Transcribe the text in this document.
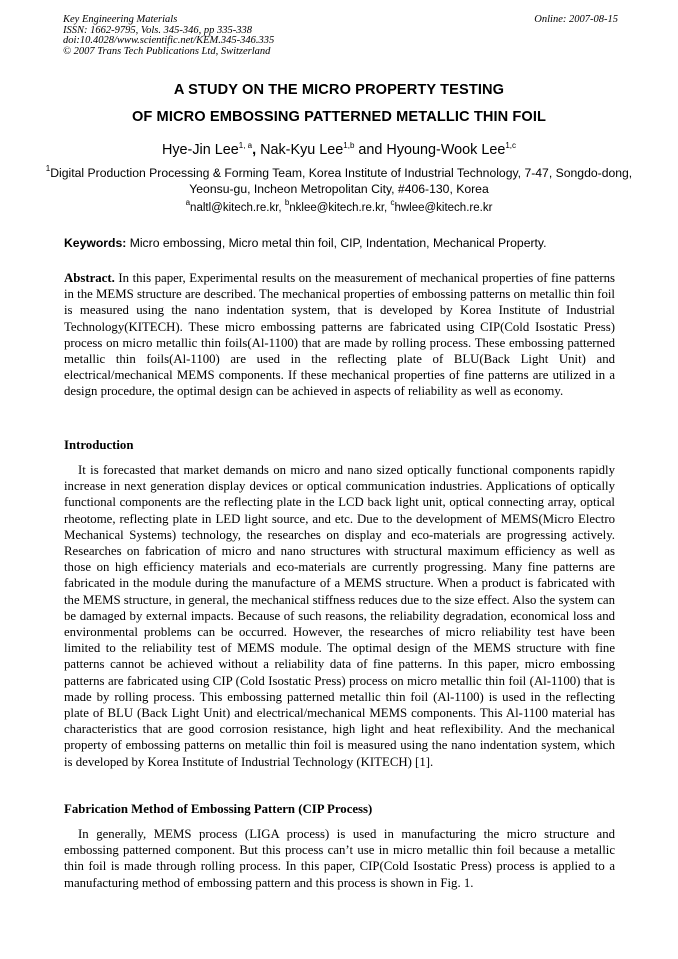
Key Engineering Materials
ISSN: 1662-9795, Vols. 345-346, pp 335-338
doi:10.4028/www.scientific.net/KEM.345-346.335
© 2007 Trans Tech Publications Ltd, Switzerland
Online: 2007-08-15
A STUDY ON THE MICRO PROPERTY TESTING
OF MICRO EMBOSSING PATTERNED METALLIC THIN FOIL
Hye-Jin Lee$^{1, a}$, Nak-Kyu Lee$^{1,b}$ and Hyoung-Wook Lee$^{1,c}$
$^1$Digital Production Processing & Forming Team, Korea Institute of Industrial Technology, 7-47, Songdo-dong, Yeonsu-gu, Incheon Metropolitan City, #406-130, Korea
$^a$naltl@kitech.re.kr, $^b$nklee@kitech.re.kr, $^c$hwlee@kitech.re.kr
Keywords: Micro embossing, Micro metal thin foil, CIP, Indentation, Mechanical Property.
Abstract. In this paper, Experimental results on the measurement of mechanical properties of fine patterns in the MEMS structure are described. The mechanical properties of embossing patterns on metallic thin foil is measured using the nano indentation system, that is developed by Korea Institute of Industrial Technology(KITECH). These micro embossing patterns are fabricated using CIP(Cold Isostatic Press) process on micro metallic thin foils(Al-1100) that are made by rolling process. These embossing patterned metallic thin foils(Al-1100) are used in the reflecting plate of BLU(Back Light Unit) and electrical/mechanical MEMS components. If these mechanical properties of fine patterns are utilized in a design procedure, the optimal design can be achieved in aspects of reliability as well as economy.
Introduction
It is forecasted that market demands on micro and nano sized optically functional components rapidly increase in next generation display devices or optical communication industries. Applications of optically functional components are the reflecting plate in the LCD back light unit, optical connecting array, optical rheotome, reflecting plate in LED light source, and etc. Due to the development of MEMS(Micro Electro Mechanical Systems) technology, the researches on display and eco-materials are progressing actively. Researches on fabrication of micro and nano structures with structural maximum efficiency as well as those on high efficiency materials and eco-materials are currently progressing. Many fine patterns are fabricated in the module during the manufacture of a MEMS structure. When a product is fabricated with the MEMS structure, in general, the mechanical stiffness reduces due to the size effect. Also the system can be damaged by external impacts. Because of such reasons, the reliability degradation, economical loss and environmental problems can be occurred. However, the researches of micro reliability test have been limited to the reliability test of MEMS module. The optimal design of the MEMS structure with fine patterns cannot be achieved without a reliability data of fine patterns. In this paper, micro embossing patterns are fabricated using CIP (Cold Isostatic Press) process on micro metallic thin foil (Al-1100) that is made by rolling process. This embossing patterned metallic thin foil (Al-1100) is used in the reflecting plate of BLU (Back Light Unit) and electrical/mechanical MEMS components. This Al-1100 material has characteristics that are good corrosion resistance, high light and heat reflexibility. And the mechanical property of embossing patterns on metallic thin foil is measured using the nano indentation system, which is developed by Korea Institute of Industrial Technology (KITECH) [1].
Fabrication Method of Embossing Pattern (CIP Process)
In generally, MEMS process (LIGA process) is used in manufacturing the micro structure and embossing patterned component. But this process can’t use in micro metallic thin foil because a metallic thin foil is made through rolling process. In this paper, CIP(Cold Isostatic Press) process is applied to a manufacturing method of embossing pattern and this process is shown in Fig. 1.
